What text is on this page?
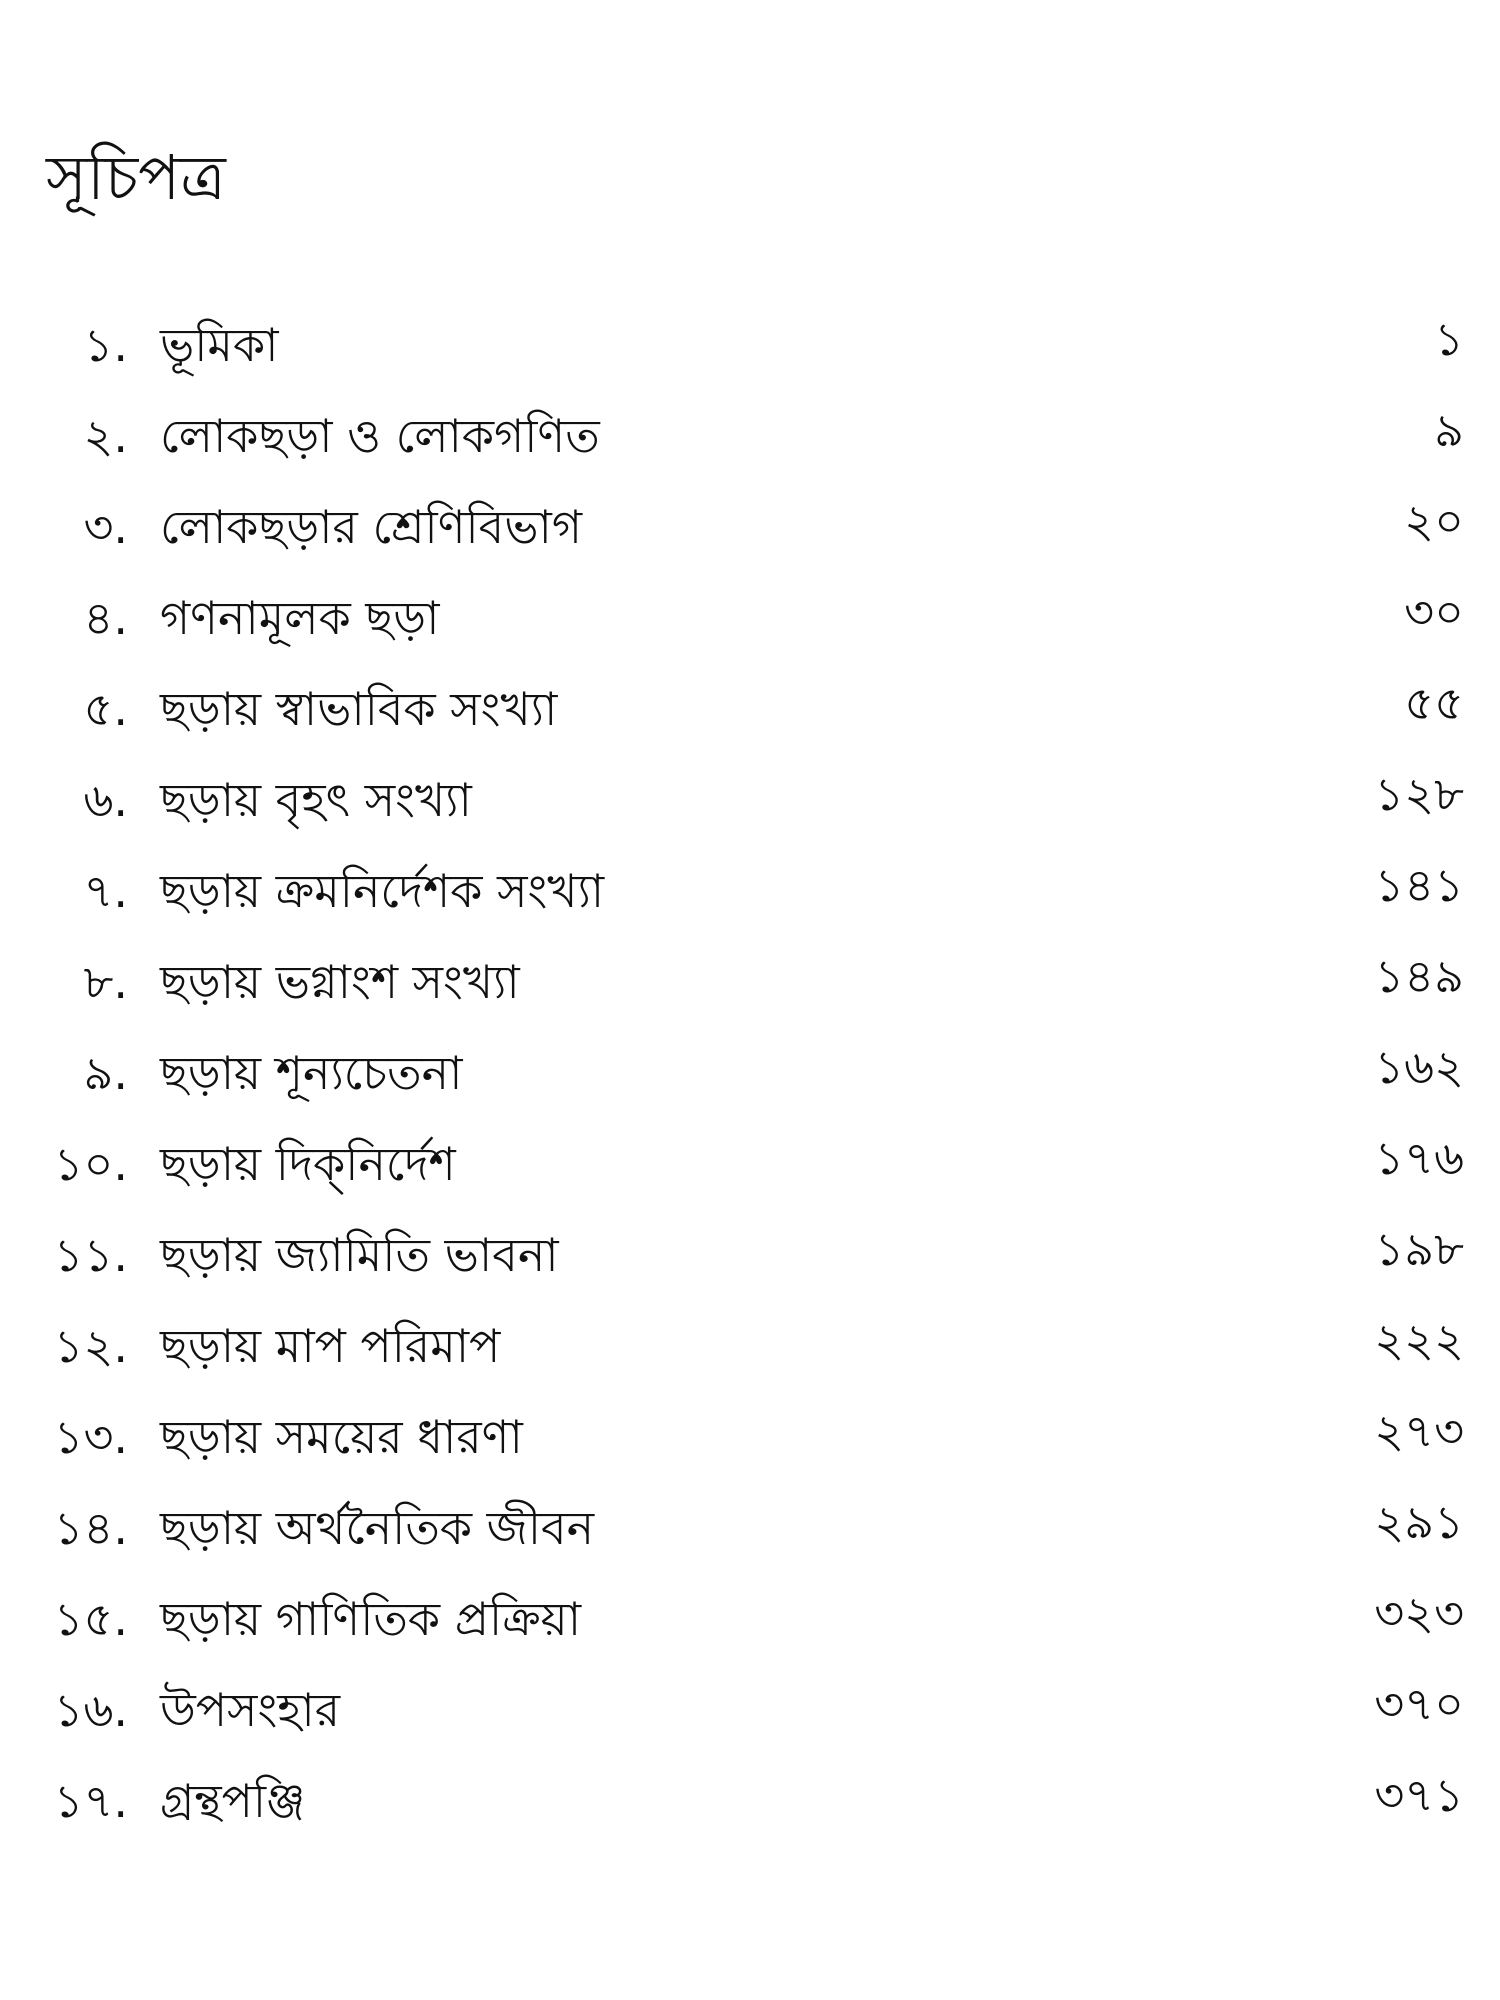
সূচিপত্র
১. ভূমিকা	১
২. লোকছড়া ও লোকগণিত	৯
৩. লোকছড়ার শ্রেণিবিভাগ	২০
৪. গণনামূলক ছড়া	৩০
৫. ছড়ায় স্বাভাবিক সংখ্যা	৫৫
৬. ছড়ায় বৃহৎ সংখ্যা	১২৮
৭. ছড়ায় ক্রমনির্দেশক সংখ্যা	১৪১
৮. ছড়ায় ভগ্নাংশ সংখ্যা	১৪৯
৯. ছড়ায় শূন্যচেতনা	১৬২
১০. ছড়ায় দিক্‌নির্দেশ	১৭৬
১১. ছড়ায় জ্যামিতি ভাবনা	১৯৮
১২. ছড়ায় মাপ পরিমাপ	২২২
১৩. ছড়ায় সময়ের ধারণা	২৭৩
১৪. ছড়ায় অর্থনৈতিক জীবন	২৯১
১৫. ছড়ায় গাণিতিক প্রক্রিয়া	৩২৩
১৬. উপসংহার	৩৭০
১৭. গ্রন্থপঞ্জি	৩৭১
